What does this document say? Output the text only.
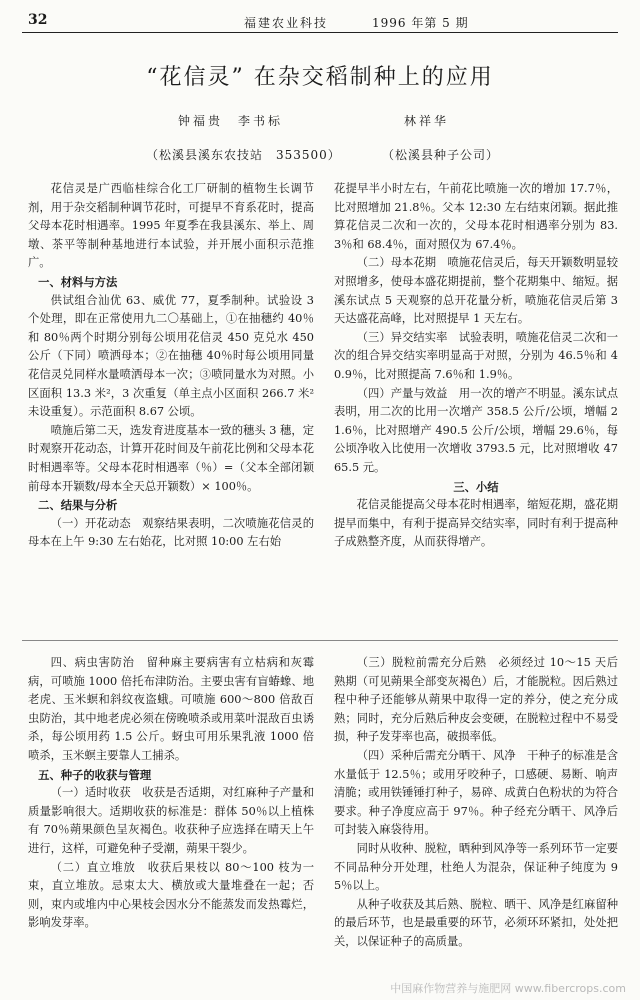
32	福建农业科技	1996 年第 5 期
“花信灵” 在杂交稻制种上的应用
钟福贵　李书标	林祥华
（松溪县溪东农技站　353500）	（松溪县种子公司）

花信灵是广西临桂综合化工厂研制的植物生长调节剂，用于杂交稻制种调节花时，可提早不育系花时，提高父母本花时相遇率。1995 年夏季在我县溪东、举上、周墩、茶平等制种基地进行本试验，并开展小面积示范推广。

一、材料与方法

供试组合汕优 63、威优 77，夏季制种。试验设 3 个处理，即在正常使用九二〇基础上，①在抽穗约 40％和 80％两个时期分别每公顷用花信灵 450 克兑水 450 公斤（下同）喷洒母本；②在抽穗 40％时每公顷用同量花信灵兑同样水量喷洒母本一次；③喷同量水为对照。小区面积 13.3 米²，3 次重复（单主点小区面积 266.7 米² 未设重复）。示范面积 8.67 公顷。

喷施后第二天，选发育进度基本一致的穗头 3 穗，定时观察开花动态，计算开花时间及午前花比例和父母本花时相遇率等。父母本花时相遇率（％）=（父本全部闭颖前母本开颖数/母本全天总开颖数）× 100％。

二、结果与分析

（一）开花动态　观察结果表明，二次喷施花信灵的母本在上午 9:30 左右始花，比对照 10:00 左右始

花提早半小时左右，午前花比喷施一次的增加 17.7％，比对照增加 21.8％。父本 12:30 左右结束闭颖。据此推算花信灵二次和一次的，父母本花时相遇率分别为 83.3％和 68.4％，面对照仅为 67.4％。

（二）母本花期　喷施花信灵后，每天开颖数明显较对照增多，使母本盛花期提前，整个花期集中、缩短。据溪东试点 5 天观察的总开花量分析，喷施花信灵后第 3 天达盛花高峰，比对照提早 1 天左右。

（三）异交结实率　试验表明，喷施花信灵二次和一次的组合异交结实率明显高于对照，分别为 46.5％和 40.9％，比对照提高 7.6％和 1.9％。

（四）产量与效益　用一次的增产不明显。溪东试点表明，用二次的比用一次增产 358.5 公斤/公顷，增幅 21.6％，比对照增产 490.5 公斤/公顷，增幅 29.6％，每公顷净收入比使用一次增收 3793.5 元，比对照增收 4765.5 元。

三、小结

花信灵能提高父母本花时相遇率，缩短花期，盛花期提早而集中，有利于提高异交结实率，同时有利于提高种子成熟整齐度，从而获得增产。

四、病虫害防治　留种麻主要病害有立枯病和灰霉病，可喷施 1000 倍托布津防治。主要虫害有盲蝽蟓、地老虎、玉米螟和斜纹夜盗蛾。可喷施 600～800 倍敌百虫防治，其中地老虎必须在傍晚喷杀或用菜叶混敌百虫诱杀，每公顷用药 1.5 公斤。蚜虫可用乐果乳液 1000 倍喷杀，玉米螟主要靠人工捕杀。

五、种子的收获与管理

（一）适时收获　收获是否适期，对红麻种子产量和质量影响很大。适期收获的标准是：群体 50％以上植株有 70％蒴果颜色呈灰褐色。收获种子应选择在晴天上午进行，这样，可避免种子受潮，蒴果干裂少。

（二）直立堆放　收获后果枝以 80～100 枝为一束，直立堆放。忌束太大、横放或大量堆叠在一起；否则，束内或堆内中心果枝会因水分不能蒸发而发热霉烂，影响发芽率。

（三）脱粒前需充分后熟　必须经过 10～15 天后熟期（可见蒴果全部变灰褐色）后，才能脱粒。因后熟过程中种子还能够从蒴果中取得一定的养分，使之充分成熟；同时，充分后熟后种皮会变硬，在脱粒过程中不易受损，种子发芽率也高，破损率低。

（四）采种后需充分晒干、风净　干种子的标准是含水量低于 12.5％；或用牙咬种子，口感硬、易断、响声清脆；或用铁锤锤打种子，易碎、成黄白色粉状的为符合要求。种子净度应高于 97％。种子经充分晒干、风净后可封装入麻袋待用。

同时从收种、脱粒，晒种到风净等一系列环节一定要不同品种分开处理，杜绝人为混杂，保证种子纯度为 95％以上。

从种子收获及其后熟、脱粒、晒干、风净是红麻留种的最后环节，也是最重要的环节，必须环环紧扣，处处把关，以保证种子的高质量。

中国麻作物营养与施肥网 www.fibercrops.com
